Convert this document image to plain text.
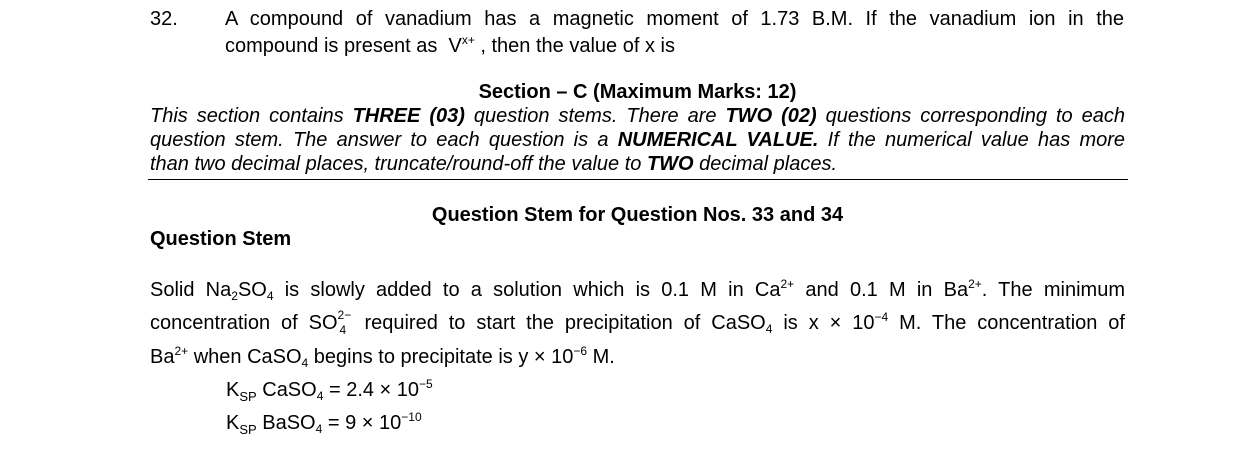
32. A compound of vanadium has a magnetic moment of 1.73 B.M. If the vanadium ion in the
compound is present as $V^{x+}$ , then the value of x is
Section – C (Maximum Marks: 12)
This section contains THREE (03) question stems. There are TWO (02) questions corresponding to each
question stem. The answer to each question is a NUMERICAL VALUE. If the numerical value has more
than two decimal places, truncate/round-off the value to TWO decimal places.
Question Stem for Question Nos. 33 and 34
Question Stem
Solid $Na_2SO_4$ is slowly added to a solution which is 0.1 M in $Ca^{2+}$ and 0.1 M in $Ba^{2+}$. The minimum
concentration of SO 2−
4 required to start the precipitation of CaSO$_4$ is $x \times 10^{-4}$ M. The concentration of
$Ba^{2+}$ when CaSO$_4$ begins to precipitate is $y \times 10^{-6}$ M.
$K_{SP}$ CaSO$_4$ = $2.4 \times 10^{-5}$
$K_{SP}$ BaSO$_4$ = $9 \times 10^{-10}$
